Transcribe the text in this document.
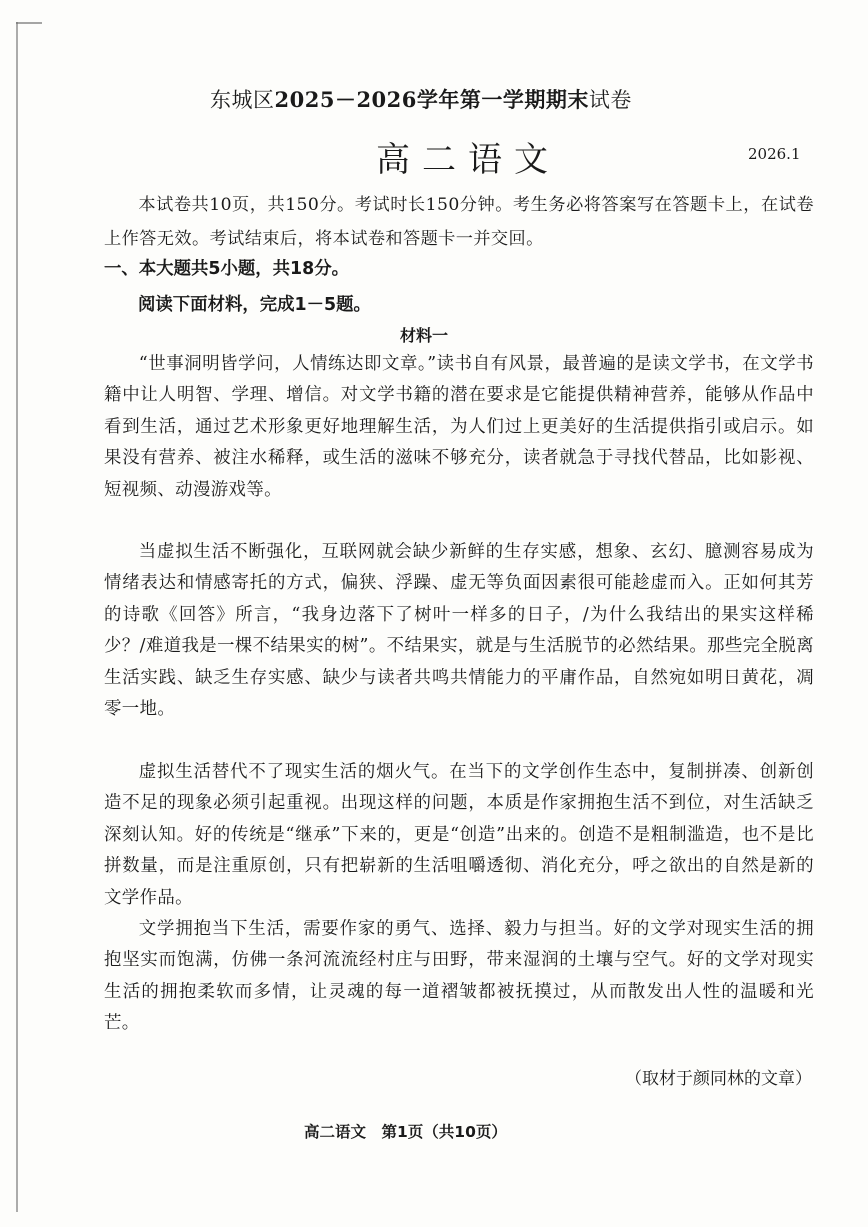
东城区2025－2026学年第一学期期末试卷
高二语文	2026.1
本试卷共10页，共150分。考试时长150分钟。考生务必将答案写在答题卡上，在试卷上作答无效。考试结束后，将本试卷和答题卡一并交回。
一、本大题共5小题，共18分。
阅读下面材料，完成1－5题。
材料一
“世事洞明皆学问，人情练达即文章。”读书自有风景，最普遍的是读文学书，在文学书籍中让人明智、学理、增信。对文学书籍的潜在要求是它能提供精神营养，能够从作品中看到生活，通过艺术形象更好地理解生活，为人们过上更美好的生活提供指引或启示。如果没有营养、被注水稀释，或生活的滋味不够充分，读者就急于寻找代替品，比如影视、短视频、动漫游戏等。
当虚拟生活不断强化，互联网就会缺少新鲜的生存实感，想象、玄幻、臆测容易成为情绪表达和情感寄托的方式，偏狭、浮躁、虚无等负面因素很可能趁虚而入。正如何其芳的诗歌《回答》所言，“我身边落下了树叶一样多的日子，/为什么我结出的果实这样稀少？/难道我是一棵不结果实的树”。不结果实，就是与生活脱节的必然结果。那些完全脱离生活实践、缺乏生存实感、缺少与读者共鸣共情能力的平庸作品，自然宛如明日黄花，凋零一地。
虚拟生活替代不了现实生活的烟火气。在当下的文学创作生态中，复制拼凑、创新创造不足的现象必须引起重视。出现这样的问题，本质是作家拥抱生活不到位，对生活缺乏深刻认知。好的传统是“继承”下来的，更是“创造”出来的。创造不是粗制滥造，也不是比拼数量，而是注重原创，只有把崭新的生活咀嚼透彻、消化充分，呼之欲出的自然是新的文学作品。
文学拥抱当下生活，需要作家的勇气、选择、毅力与担当。好的文学对现实生活的拥抱坚实而饱满，仿佛一条河流流经村庄与田野，带来湿润的土壤与空气。好的文学对现实生活的拥抱柔软而多情，让灵魂的每一道褶皱都被抚摸过，从而散发出人性的温暖和光芒。
（取材于颜同林的文章）
高二语文　第1页（共10页）
